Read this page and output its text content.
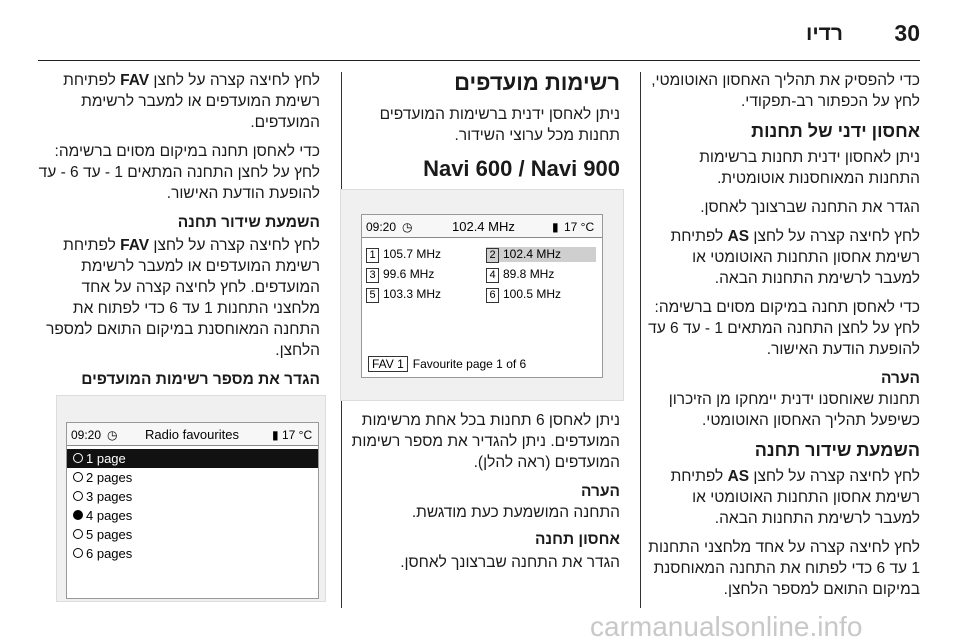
רדיו 30

כדי להפסיק את תהליך האחסון האוטומטי, לחץ על הכפתור רב-תפקודי.

אחסון ידני של תחנות

ניתן לאחסון ידנית תחנות ברשימות התחנות המאוחסנות אוטומטית.

הגדר את התחנה שברצונך לאחסן.

לחץ לחיצה קצרה על לחצן AS לפתיחת רשימת אחסון התחנות האוטומטי או למעבר לרשימת התחנות הבאה.

כדי לאחסן תחנה במיקום מסוים ברשימה: לחץ על לחצן התחנה המתאים 1 - עד 6 עד להופעת הודעת האישור.

הערה
תחנות שאוחסנו ידנית יימחקו מן הזיכרון כשיפעל תהליך האחסון האוטומטי.
השמעת שידור תחנה

לחץ לחיצה קצרה על לחצן AS לפתיחת רשימת אחסון התחנות האוטומטי או למעבר לרשימת התחנות הבאה.

לחץ לחיצה קצרה על אחד מלחצני התחנות 1 עד 6 כדי לפתוח את התחנה המאוחסנת במיקום התואם למספר הלחצן.

רשימות מועדפים

ניתן לאחסן ידנית ברשימות המועדפים תחנות מכל ערוצי השידור.

Navi 600 / Navi 900

ניתן לאחסן 6 תחנות בכל אחת מרשימות המועדפים. ניתן להגדיר את מספר רשימות המועדפים (ראה להלן).

הערה
התחנה המושמעת כעת מודגשת.
אחסון תחנה

הגדר את התחנה שברצונך לאחסן.

לחץ לחיצה קצרה על לחצן FAV לפתיחת רשימת המועדפים או למעבר לרשימת המועדפים.

כדי לאחסן תחנה במיקום מסוים ברשימה: לחץ על לחצן התחנה המתאים 1 - עד 6 - עד להופעת הודעת האישור.

השמעת שידור תחנה

לחץ לחיצה קצרה על לחצן FAV לפתיחת רשימת המועדפים או למעבר לרשימת המועדפים. לחץ לחיצה קצרה על אחד מלחצני התחנות 1 עד 6 כדי לפתוח את התחנה המאוחסנת במיקום התואם למספר הלחצן.

הגדר את מספר רשימות המועדפים
09:20 ◷	102.4 MHz	▮ 17 °C
1 105.7 MHz	2 102.4 MHz
3 99.6 MHz	4 89.8 MHz
5 103.3 MHz	6 100.5 MHz
FAV 1 Favourite page 1 of 6
09:20 ◷ Radio favourites	▮ 17 °C
1 page
2 pages
3 pages
4 pages
5 pages
6 pages
carmanualsonline.info
